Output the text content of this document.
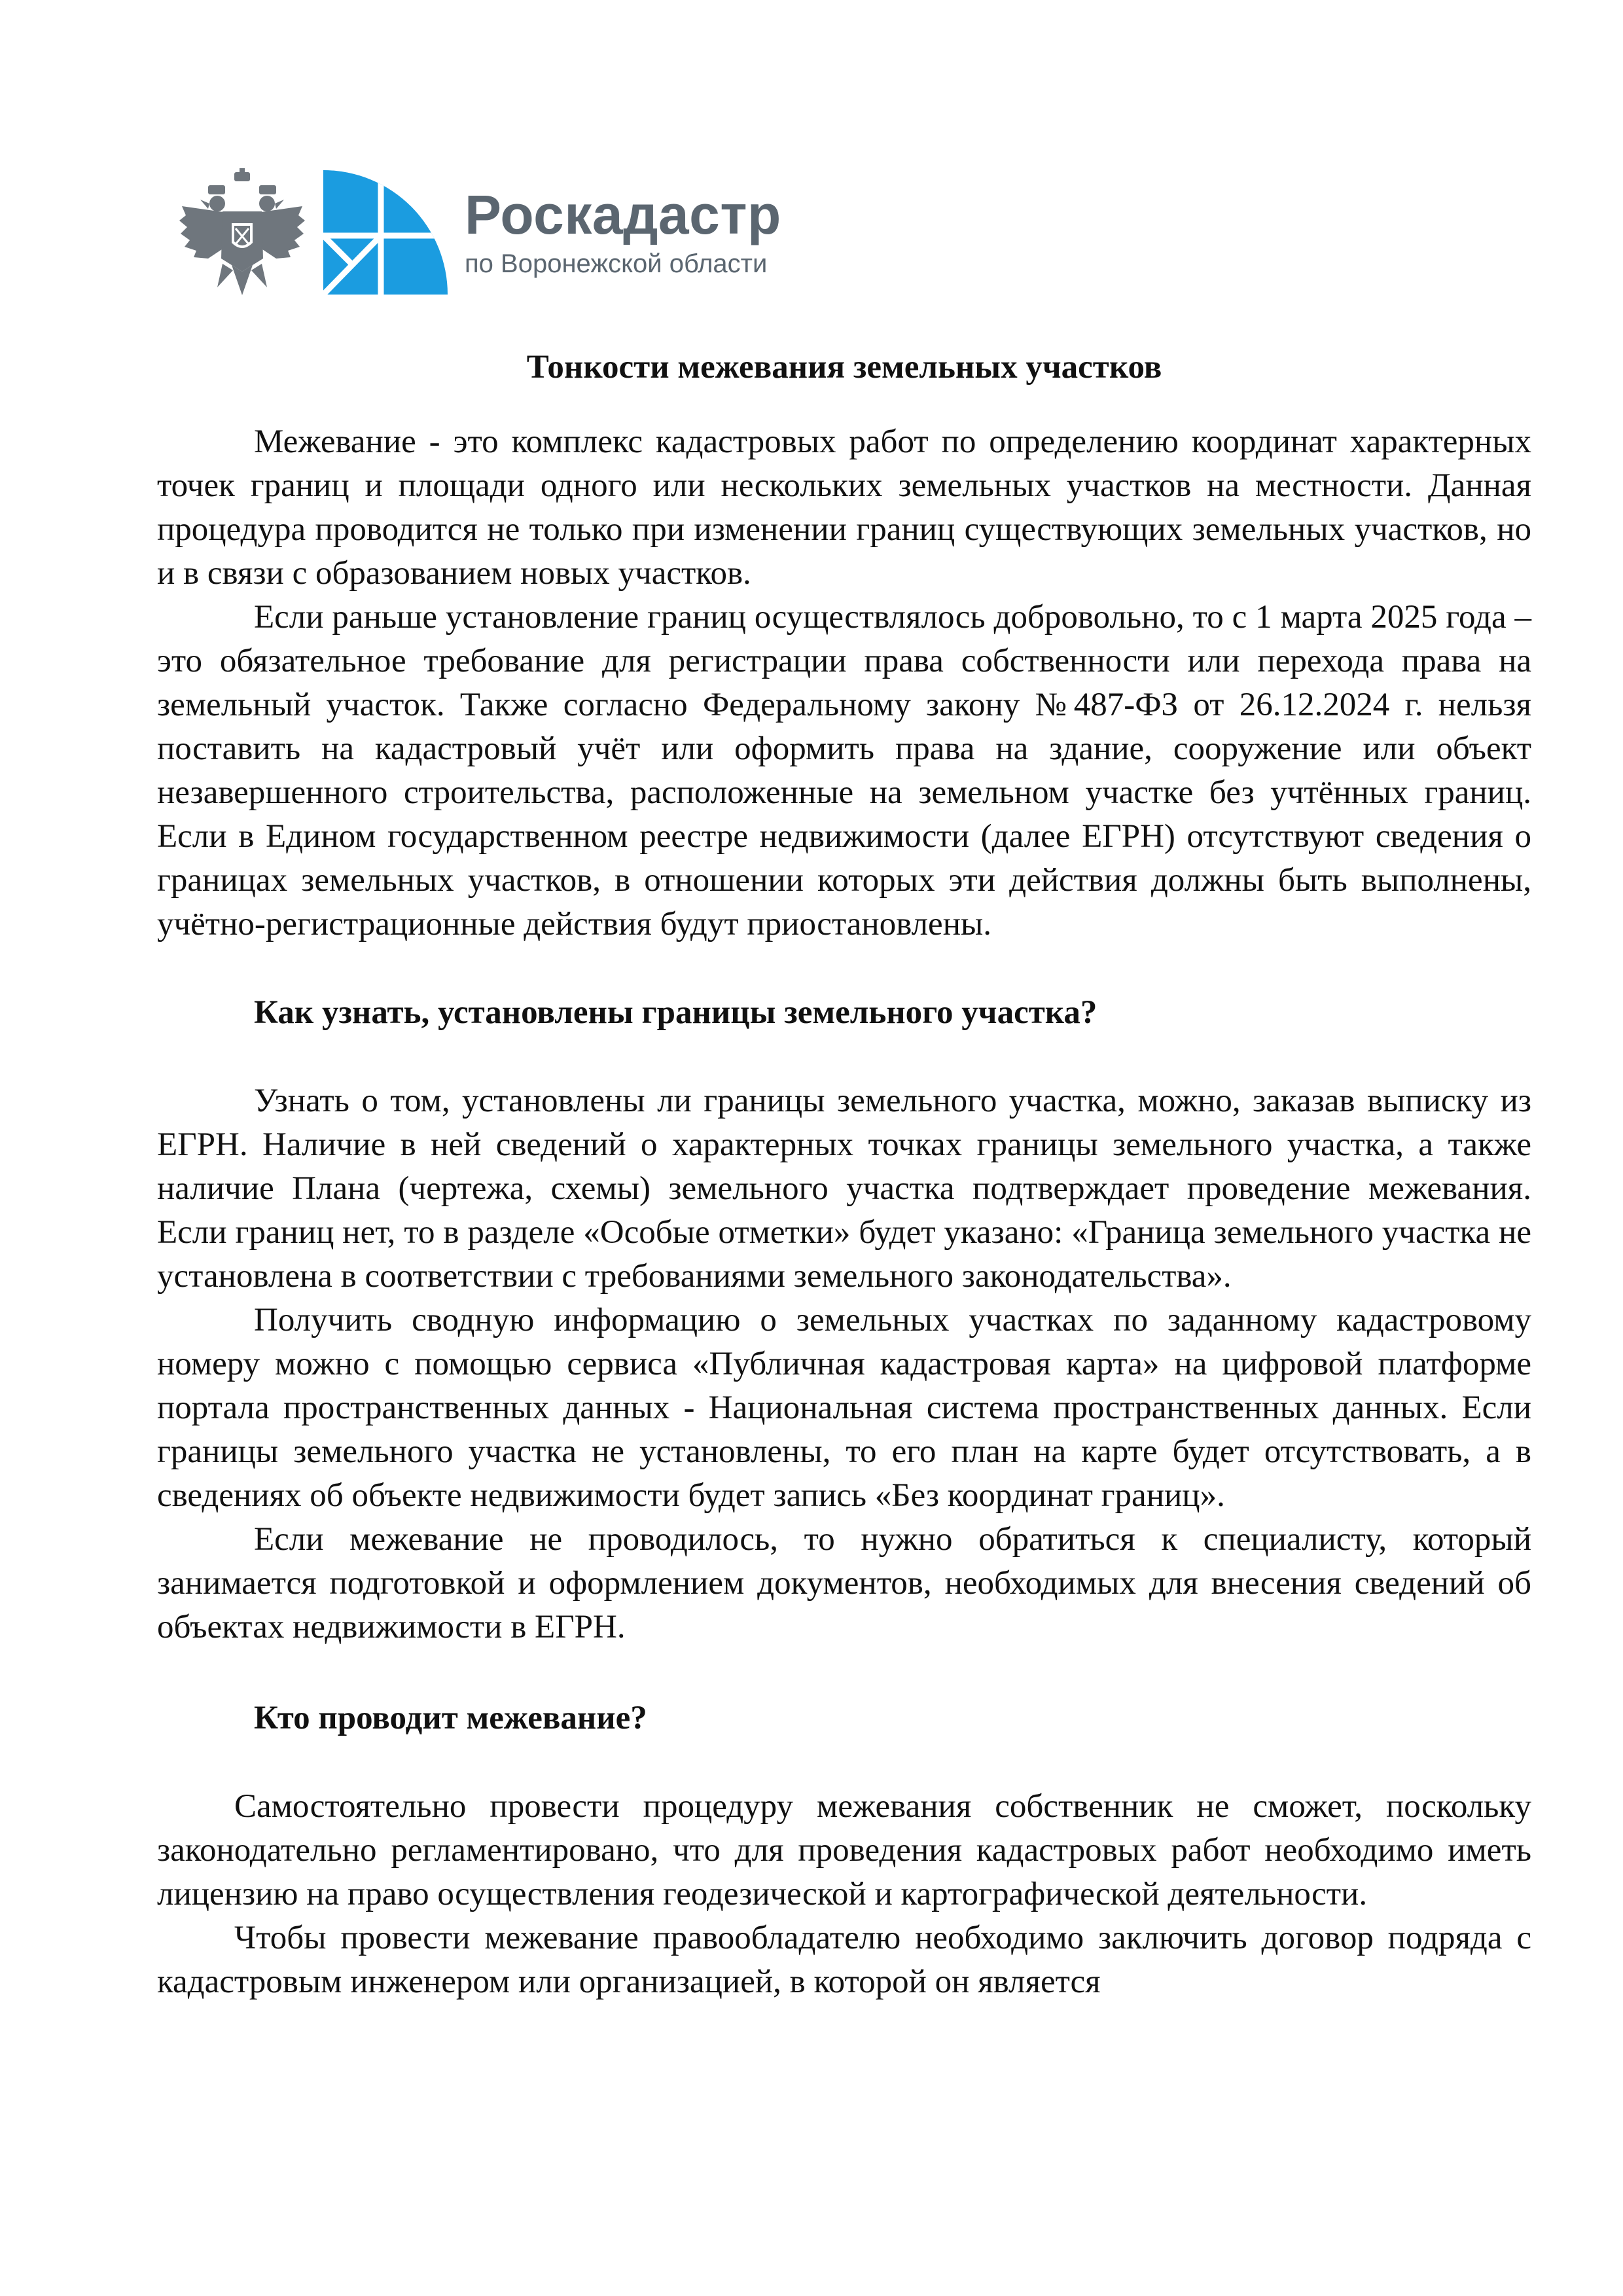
Роскадастр
по Воронежской области

Тонкости межевания земельных участков

Межевание - это комплекс кадастровых работ по определению координат характерных точек границ и площади одного или нескольких земельных участков на местности. Данная процедура проводится не только при изменении границ существующих земельных участков, но и в связи с образованием новых участков.

Если раньше установление границ осуществлялось добровольно, то с 1 марта 2025 года – это обязательное требование для регистрации права собственности или перехода права на земельный участок. Также согласно Федеральному закону №487-ФЗ от 26.12.2024 г. нельзя поставить на кадастровый учёт или оформить права на здание, сооружение или объект незавершенного строительства, расположенные на земельном участке без учтённых границ. Если в Едином государственном реестре недвижимости (далее ЕГРН) отсутствуют сведения о границах земельных участков, в отношении которых эти действия должны быть выполнены, учётно-регистрационные действия будут приостановлены.

Как узнать, установлены границы земельного участка?

Узнать о том, установлены ли границы земельного участка, можно, заказав выписку из ЕГРН. Наличие в ней сведений о характерных точках границы земельного участка, а также наличие Плана (чертежа, схемы) земельного участка подтверждает проведение межевания. Если границ нет, то в разделе «Особые отметки» будет указано: «Граница земельного участка не установлена в соответствии с требованиями земельного законодательства».

Получить сводную информацию о земельных участках по заданному кадастровому номеру можно с помощью сервиса «Публичная кадастровая карта» на цифровой платформе портала пространственных данных - Национальная система пространственных данных. Если границы земельного участка не установлены, то его план на карте будет отсутствовать, а в сведениях об объекте недвижимости будет запись «Без координат границ».

Если межевание не проводилось, то нужно обратиться к специалисту, который занимается подготовкой и оформлением документов, необходимых для внесения сведений об объектах недвижимости в ЕГРН.

Кто проводит межевание?

Самостоятельно провести процедуру межевания собственник не сможет, поскольку законодательно регламентировано, что для проведения кадастровых работ необходимо иметь лицензию на право осуществления геодезической и картографической деятельности.

Чтобы провести межевание правообладателю необходимо заключить договор подряда с кадастровым инженером или организацией, в которой он является
